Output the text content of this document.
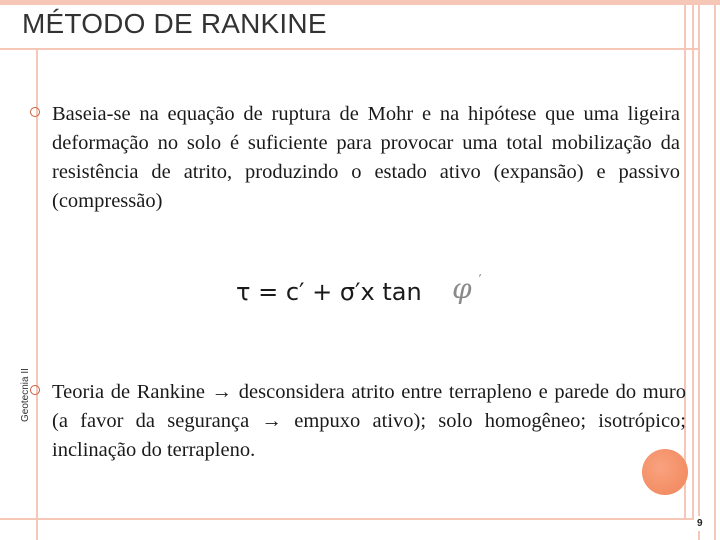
MÉTODO DE RANKINE
Geotecnia II
Baseia-se na equação de ruptura de Mohr e na hipótese que uma ligeira deformação no solo é suficiente para provocar uma total mobilização da resistência de atrito, produzindo o estado ativo (expansão) e passivo (compressão)
τ = c′ + σ′x tan φ ’
Teoria de Rankine → desconsidera atrito entre terrapleno e parede do muro (a favor da segurança → empuxo ativo); solo homogêneo; isotrópico; inclinação do terrapleno.
9
